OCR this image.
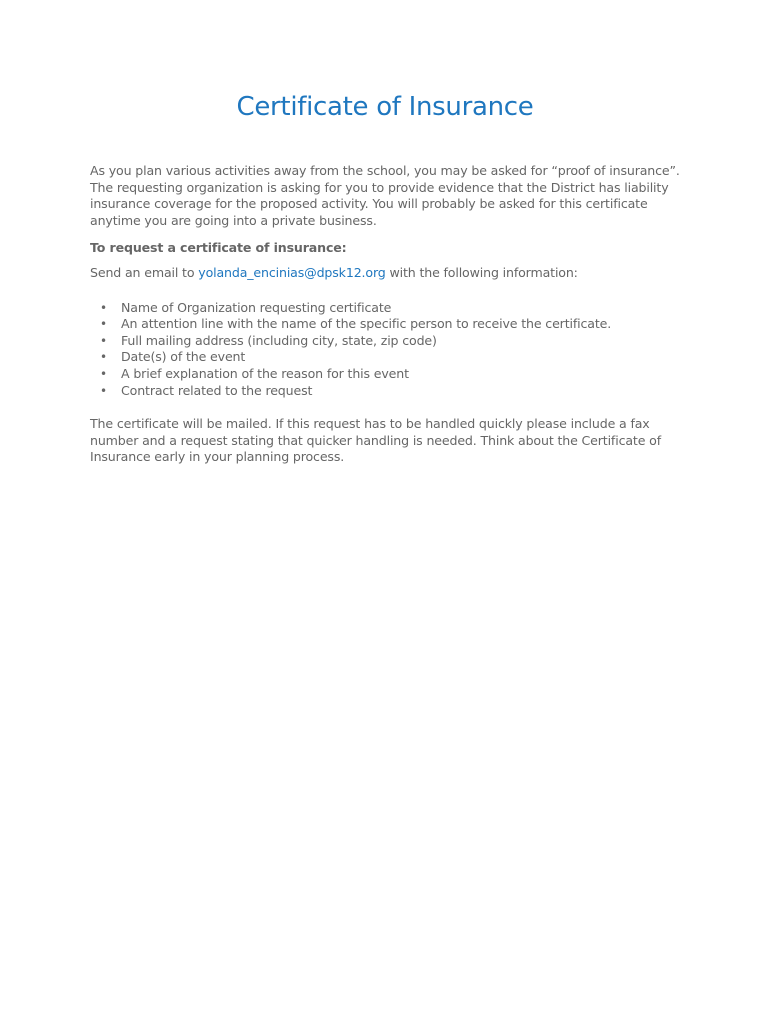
Certificate of Insurance

As you plan various activities away from the school, you may be asked for “proof of insurance”. The requesting organization is asking for you to provide evidence that the District has liability insurance coverage for the proposed activity. You will probably be asked for this certificate anytime you are going into a private business.

To request a certificate of insurance:

Send an email to yolanda_encinias@dpsk12.org with the following information:

• Name of Organization requesting certificate
• An attention line with the name of the specific person to receive the certificate.
• Full mailing address (including city, state, zip code)
• Date(s) of the event
• A brief explanation of the reason for this event
• Contract related to the request

The certificate will be mailed. If this request has to be handled quickly please include a fax number and a request stating that quicker handling is needed. Think about the Certificate of Insurance early in your planning process.
